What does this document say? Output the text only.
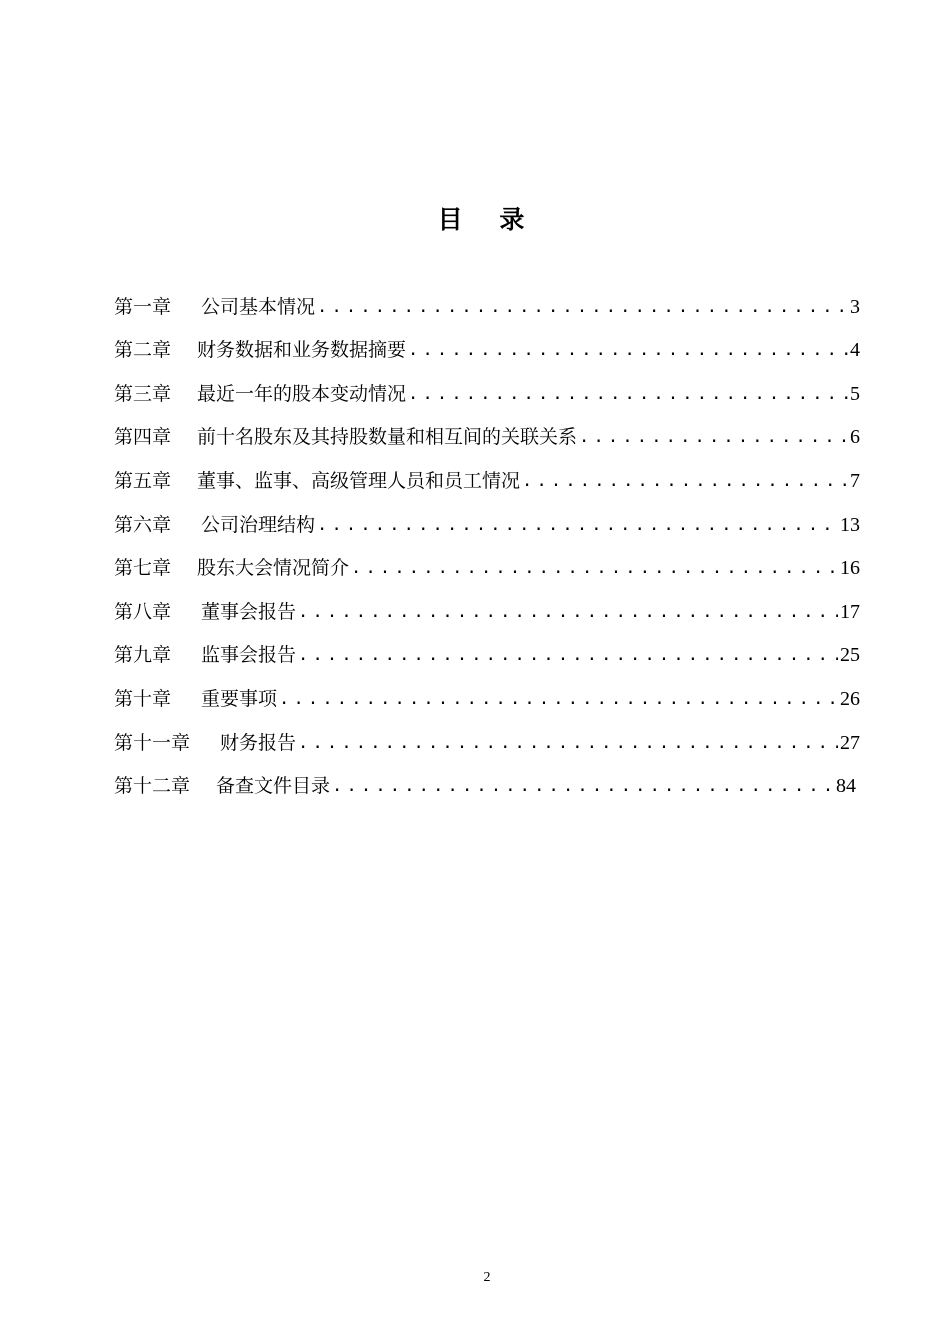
目 录
第一章 公司基本情况 .....	3
第二章 财务数据和业务数据摘要 .....	4
第三章 最近一年的股本变动情况 .....	5
第四章 前十名股东及其持股数量和相互间的关联关系 .....	6
第五章 董事、监事、高级管理人员和员工情况 .....	7
第六章 公司治理结构 .....	13
第七章 股东大会情况简介 .....	16
第八章 董事会报告 .....	17
第九章 监事会报告 .....	25
第十章 重要事项 .....	26
第十一章 财务报告 .....	27
第十二章 备查文件目录 .....	84
2
